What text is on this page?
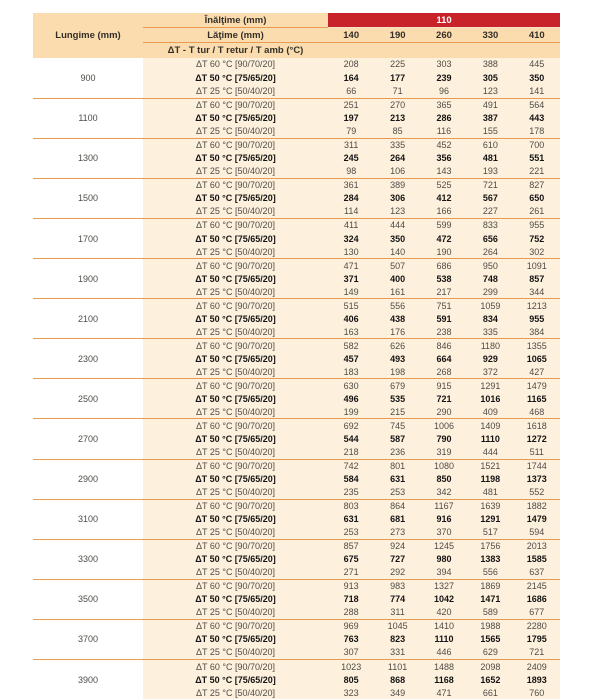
Lungime (mm)
Înălţime (mm)	110
Lăţime (mm)	140	190	260	330	410
ΔT - T tur / T retur / T amb (°C)
900
ΔT 60 °C [90/70/20]	208	225	303	388	445
ΔT 50 °C [75/65/20]	164	177	239	305	350
ΔT 25 °C [50/40/20]	66	71	96	123	141
1100
ΔT 60 °C [90/70/20]	251	270	365	491	564
ΔT 50 °C [75/65/20]	197	213	286	387	443
ΔT 25 °C [50/40/20]	79	85	116	155	178
1300
ΔT 60 °C [90/70/20]	311	335	452	610	700
ΔT 50 °C [75/65/20]	245	264	356	481	551
ΔT 25 °C [50/40/20]	98	106	143	193	221
1500
ΔT 60 °C [90/70/20]	361	389	525	721	827
ΔT 50 °C [75/65/20]	284	306	412	567	650
ΔT 25 °C [50/40/20]	114	123	166	227	261
1700
ΔT 60 °C [90/70/20]	411	444	599	833	955
ΔT 50 °C [75/65/20]	324	350	472	656	752
ΔT 25 °C [50/40/20]	130	140	190	264	302
1900
ΔT 60 °C [90/70/20]	471	507	686	950	1091
ΔT 50 °C [75/65/20]	371	400	538	748	857
ΔT 25 °C [50/40/20]	149	161	217	299	344
2100
ΔT 60 °C [90/70/20]	515	556	751	1059	1213
ΔT 50 °C [75/65/20]	406	438	591	834	955
ΔT 25 °C [50/40/20]	163	176	238	335	384
2300
ΔT 60 °C [90/70/20]	582	626	846	1180	1355
ΔT 50 °C [75/65/20]	457	493	664	929	1065
ΔT 25 °C [50/40/20]	183	198	268	372	427
2500
ΔT 60 °C [90/70/20]	630	679	915	1291	1479
ΔT 50 °C [75/65/20]	496	535	721	1016	1165
ΔT 25 °C [50/40/20]	199	215	290	409	468
2700
ΔT 60 °C [90/70/20]	692	745	1006	1409	1618
ΔT 50 °C [75/65/20]	544	587	790	1110	1272
ΔT 25 °C [50/40/20]	218	236	319	444	511
2900
ΔT 60 °C [90/70/20]	742	801	1080	1521	1744
ΔT 50 °C [75/65/20]	584	631	850	1198	1373
ΔT 25 °C [50/40/20]	235	253	342	481	552
3100
ΔT 60 °C [90/70/20]	803	864	1167	1639	1882
ΔT 50 °C [75/65/20]	631	681	916	1291	1479
ΔT 25 °C [50/40/20]	253	273	370	517	594
3300
ΔT 60 °C [90/70/20]	857	924	1245	1756	2013
ΔT 50 °C [75/65/20]	675	727	980	1383	1585
ΔT 25 °C [50/40/20]	271	292	394	556	637
3500
ΔT 60 °C [90/70/20]	913	983	1327	1869	2145
ΔT 50 °C [75/65/20]	718	774	1042	1471	1686
ΔT 25 °C [50/40/20]	288	311	420	589	677
3700
ΔT 60 °C [90/70/20]	969	1045	1410	1988	2280
ΔT 50 °C [75/65/20]	763	823	1110	1565	1795
ΔT 25 °C [50/40/20]	307	331	446	629	721
3900
ΔT 60 °C [90/70/20]	1023	1101	1488	2098	2409
ΔT 50 °C [75/65/20]	805	868	1168	1652	1893
ΔT 25 °C [50/40/20]	323	349	471	661	760
